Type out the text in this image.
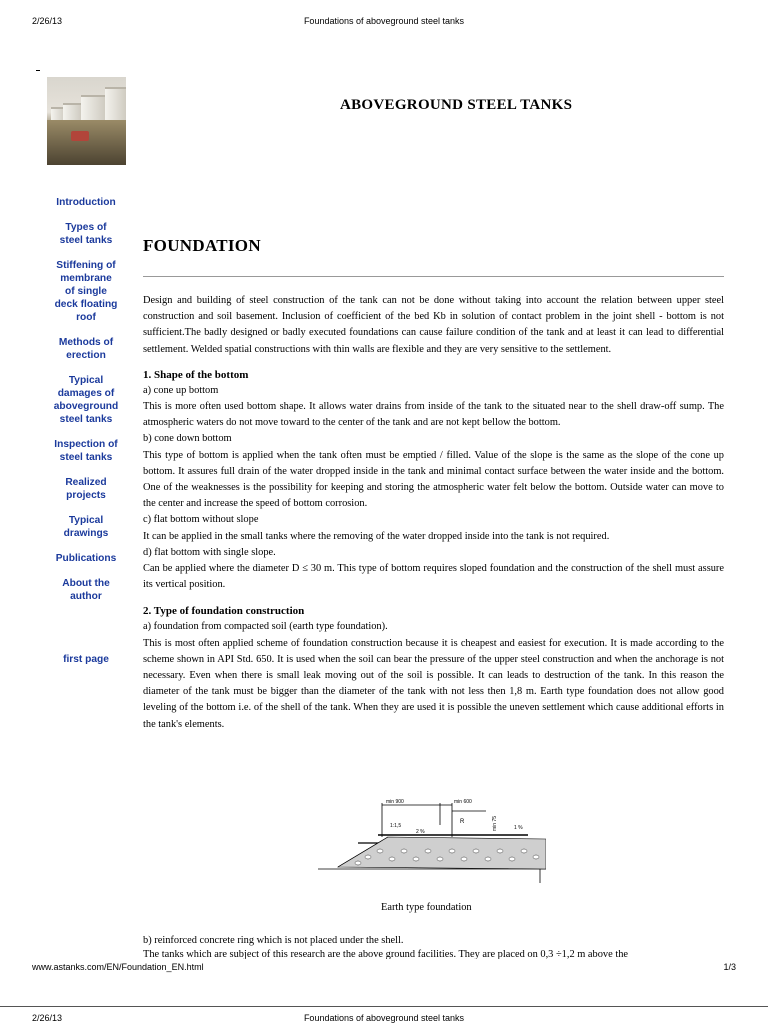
2/26/13	Foundations of aboveground steel tanks
ABOVEGROUND STEEL TANKS
Introduction
Types of
steel tanks
Stiffening of
membrane
of single
deck floating
roof
Methods of
erection
Typical
damages of
aboveground
steel tanks
Inspection of
steel tanks
Realized
projects
Typical
drawings
Publications
About the
author
first page
FOUNDATION

Design and building of steel construction of the tank can not be done without taking into account the relation between upper steel construction and soil basement. Inclusion of coefficient of the bed Kb in solution of contact problem in the joint shell - bottom is not sufficient.The badly designed or badly executed foundations can cause failure condition of the tank and at least it can lead to differential settlement. Welded spatial constructions with thin walls are flexible and they are very sensitive to the settlement.

1. Shape of the bottom
a) cone up bottom

This is more often used bottom shape. It allows water drains from inside of the tank to the situated near to the shell draw-off sump. The atmospheric waters do not move toward to the center of the tank and are not kept bellow the bottom.

b) cone down bottom

This type of bottom is applied when the tank often must be emptied / filled. Value of the slope is the same as the slope of the cone up bottom. It assures full drain of the water dropped inside in the tank and minimal contact surface between the water inside and the bottom. One of the weaknesses is the possibility for keeping and storing the atmospheric water felt below the bottom. Outside water can move to the center and increase the speed of bottom corrosion.

c) flat bottom without slope

It can be applied in the small tanks where the removing of the water dropped inside into the tank is not required.

d) flat bottom with single slope.

Can be applied where the diameter D ≤ 30 m. This type of bottom requires sloped foundation and the construction of the shell must assure its vertical position.

2. Type of foundation construction
a) foundation from compacted soil (earth type foundation).

This is most often applied scheme of foundation construction because it is cheapest and easiest for execution. It is made according to the scheme shown in API Std. 650. It is used when the soil can bear the pressure of the upper steel construction and when the anchorage is not necessary. Even when there is small leak moving out of the soil is possible. It can leads to destruction of the tank. In this reason the diameter of the tank must be bigger than the diameter of the tank with not less then 1,8 m. Earth type foundation does not allow good leveling of the bottom i.e. of the shell of the tank. When they are used it is possible the uneven settlement which cause additional efforts in the tank's elements.

min 900	min 600
R	min 75
1:1,5
2 %
1 %
Earth type foundation
b) reinforced concrete ring which is not placed under the shell.
The tanks which are subject of this research are the above ground facilities. They are placed on 0,3 ÷1,2 m above the
www.astanks.com/EN/Foundation_EN.html	1/3
2/26/13	Foundations of aboveground steel tanks
